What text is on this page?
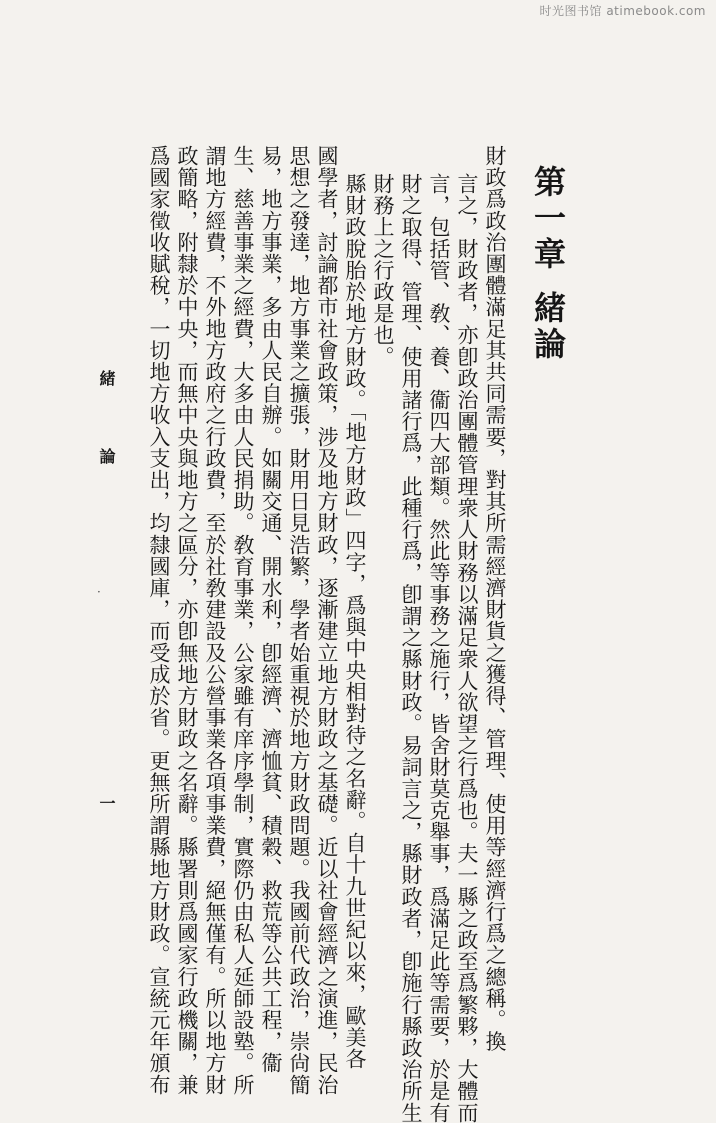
时光图书馆 atimebook.com
第一章緒論
財政爲政治團體滿足其共同需要，對其所需經濟財貨之獲得、管理、使用等經濟行爲之總稱。換
言之，財政者，亦卽政治團體管理衆人財務以滿足衆人欲望之行爲也。夫一縣之政至爲繁夥，大體而
言，包括管、敎、養、衞四大部類。然此等事務之施行，皆舍財莫克舉事，爲滿足此等需要，於是有
財之取得、管理、使用諸行爲，此種行爲，卽謂之縣財政。易詞言之，縣財政者，卽施行縣政治所生
財務上之行政是也。
縣財政脫胎於地方財政。「地方財政」四字，爲與中央相對待之名辭。自十九世紀以來，歐美各
國學者，討論都市社會政策，涉及地方財政，逐漸建立地方財政之基礎。近以社會經濟之演進，民治
思想之發達，地方事業之擴張，財用日見浩繁，學者始重視於地方財政問題。我國前代政治，崇尙簡
易，地方事業，多由人民自辦。如關交通、開水利，卽經濟、濟恤貧、積穀、救荒等公共工程，衞
生、慈善事業之經費，大多由人民捐助。敎育事業，公家雖有庠序學制，實際仍由私人延師設塾。所
謂地方經費，不外地方政府之行政費，至於社敎建設及公營事業各項事業費，絕無僅有。所以地方財
政簡略，附隸於中央，而無中央與地方之區分，亦卽無地方財政之名辭。縣署則爲國家行政機關，兼
爲國家徵收賦稅，一切地方收入支出，均隸國庫，而受成於省。更無所謂縣地方財政。宣統元年頒布
緒論
·
一
